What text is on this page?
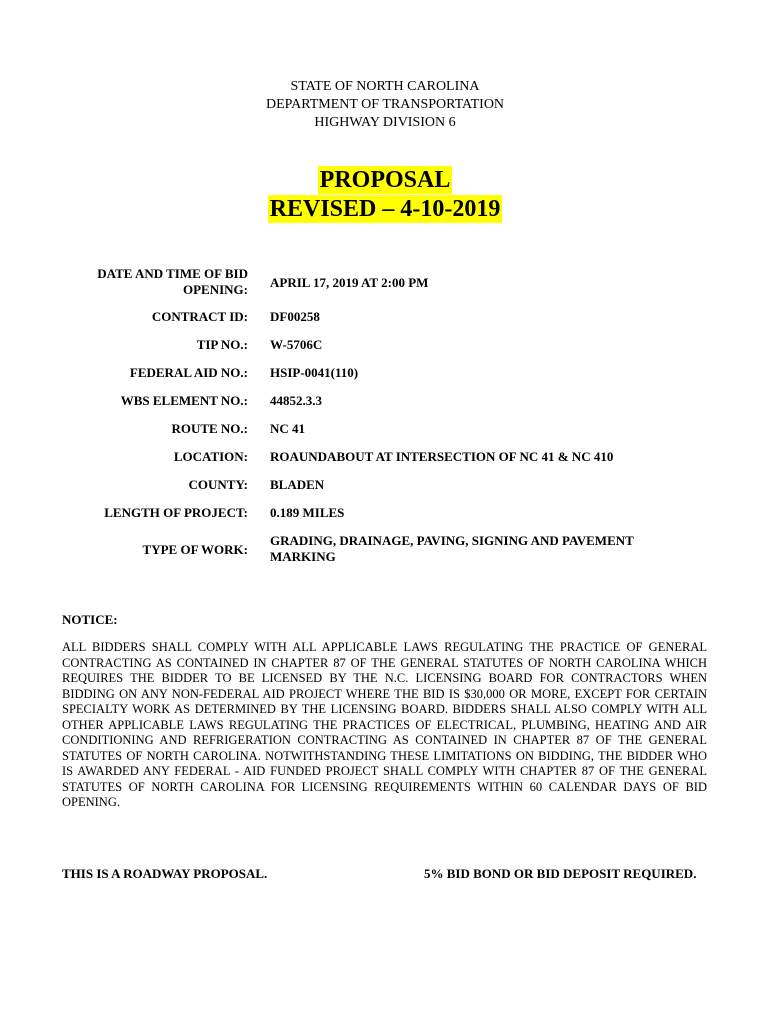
STATE OF NORTH CAROLINA
DEPARTMENT OF TRANSPORTATION
HIGHWAY DIVISION 6
PROPOSAL
REVISED – 4-10-2019
DATE AND TIME OF BID
OPENING: APRIL 17, 2019 AT 2:00 PM
CONTRACT ID: DF00258
TIP NO.: W-5706C
FEDERAL AID NO.: HSIP-0041(110)
WBS ELEMENT NO.: 44852.3.3
ROUTE NO.: NC 41
LOCATION: ROAUNDABOUT AT INTERSECTION OF NC 41 & NC 410
COUNTY: BLADEN
LENGTH OF PROJECT: 0.189 MILES
TYPE OF WORK:
GRADING, DRAINAGE, PAVING, SIGNING AND PAVEMENT
MARKING
NOTICE:
ALL BIDDERS SHALL COMPLY WITH ALL APPLICABLE LAWS REGULATING THE PRACTICE OF GENERAL CONTRACTING AS CONTAINED IN CHAPTER 87 OF THE GENERAL STATUTES OF NORTH CAROLINA WHICH REQUIRES THE BIDDER TO BE LICENSED BY THE N.C. LICENSING BOARD FOR CONTRACTORS WHEN BIDDING ON ANY NON-FEDERAL AID PROJECT WHERE THE BID IS $30,000 OR MORE, EXCEPT FOR CERTAIN SPECIALTY WORK AS DETERMINED BY THE LICENSING BOARD. BIDDERS SHALL ALSO COMPLY WITH ALL OTHER APPLICABLE LAWS REGULATING THE PRACTICES OF ELECTRICAL, PLUMBING, HEATING AND AIR CONDITIONING AND REFRIGERATION CONTRACTING AS CONTAINED IN CHAPTER 87 OF THE GENERAL STATUTES OF NORTH CAROLINA. NOTWITHSTANDING THESE LIMITATIONS ON BIDDING, THE BIDDER WHO IS AWARDED ANY FEDERAL - AID FUNDED PROJECT SHALL COMPLY WITH CHAPTER 87 OF THE GENERAL STATUTES OF NORTH CAROLINA FOR LICENSING REQUIREMENTS WITHIN 60 CALENDAR DAYS OF BID OPENING.
THIS IS A ROADWAY PROPOSAL.	5% BID BOND OR BID DEPOSIT REQUIRED.
